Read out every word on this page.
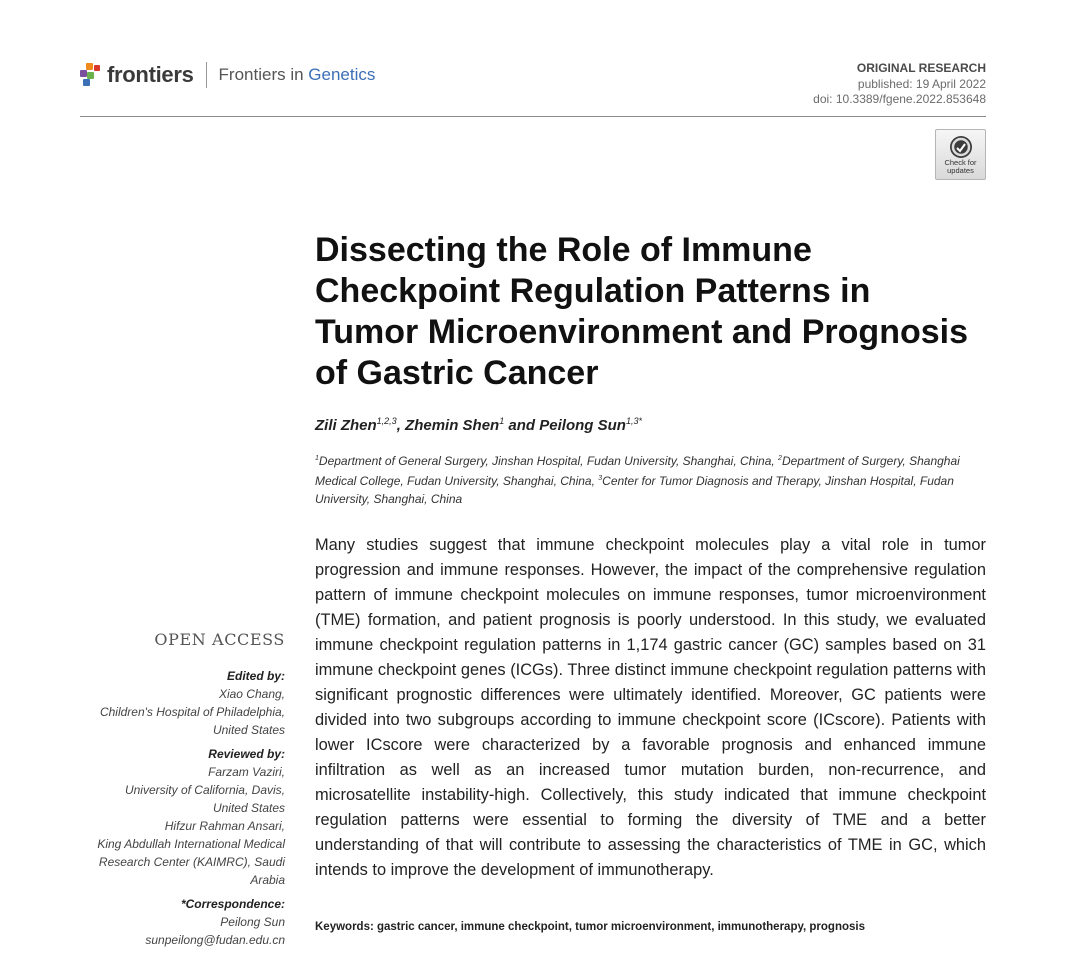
frontiers Frontiers in Genetics	ORIGINAL RESEARCH
published: 19 April 2022
doi: 10.3389/fgene.2022.853648
Check for
updates
Dissecting the Role of Immune Checkpoint Regulation Patterns in Tumor Microenvironment and Prognosis of Gastric Cancer
Zili Zhen$^{1,2,3}$, Zhemin Shen$^1$ and Peilong Sun$^{1,3*}$
$^1$Department of General Surgery, Jinshan Hospital, Fudan University, Shanghai, China, $^2$Department of Surgery, Shanghai Medical College, Fudan University, Shanghai, China, $^3$Center for Tumor Diagnosis and Therapy, Jinshan Hospital, Fudan University, Shanghai, China

Many studies suggest that immune checkpoint molecules play a vital role in tumor progression and immune responses. However, the impact of the comprehensive regulation pattern of immune checkpoint molecules on immune responses, tumor microenvironment (TME) formation, and patient prognosis is poorly understood. In this study, we evaluated immune checkpoint regulation patterns in 1,174 gastric cancer (GC) samples based on 31 immune checkpoint genes (ICGs). Three distinct immune checkpoint regulation patterns with significant prognostic differences were ultimately identified. Moreover, GC patients were divided into two subgroups according to immune checkpoint score (ICscore). Patients with lower ICscore were characterized by a favorable prognosis and enhanced immune infiltration as well as an increased tumor mutation burden, non-recurrence, and microsatellite instability-high. Collectively, this study indicated that immune checkpoint regulation patterns were essential to forming the diversity of TME and a better understanding of that will contribute to assessing the characteristics of TME in GC, which intends to improve the development of immunotherapy.

Keywords: gastric cancer, immune checkpoint, tumor microenvironment, immunotherapy, prognosis
OPEN ACCESS
Edited by:
Xiao Chang,
Children's Hospital of Philadelphia,
United States
Reviewed by:
Farzam Vaziri,
University of California, Davis,
United States
Hifzur Rahman Ansari,
King Abdullah International Medical
Research Center (KAIMRC), Saudi
Arabia
*Correspondence:
Peilong Sun
sunpeilong@fudan.edu.cn
